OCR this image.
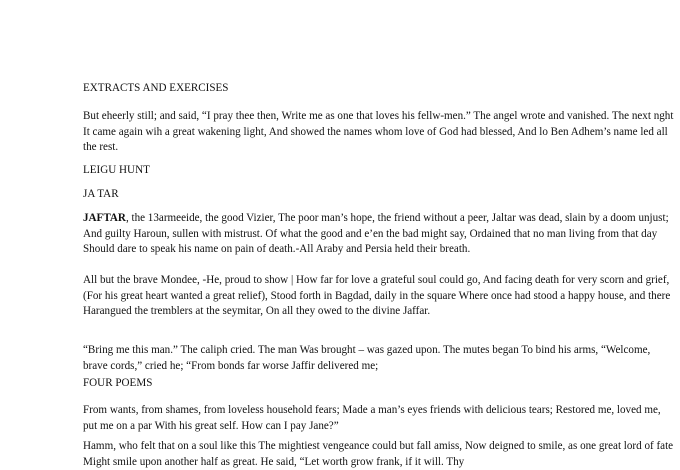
EXTRACTS AND EXERCISES

But eheerly still; and said, “I pray thee then, Write me as one that loves his fellw-men.” The angel wrote and vanished. The next nght It came again wih a great wakening light, And showed the names whom love of God had blessed, And lo Ben Adhem’s name led all the rest.

LEIGU HUNT

JA TAR

JAFTAR, the 13armeeide, the good Vizier, The poor man’s hope, the friend without a peer, Jaltar was dead, slain by a doom unjust; And guilty Haroun, sullen with mistrust. Of what the good and e’en the bad might say, Ordained that no man living from that day Should dare to speak his name on pain of death.-All Araby and Persia held their breath.

All but the brave Mondee, -He, proud to show | How far for love a grateful soul could go, And facing death for very scorn and grief, (For his great heart wanted a great relief), Stood forth in Bagdad, daily in the square Where once had stood a happy house, and there Harangued the tremblers at the seymitar, On all they owed to the divine Jaffar.

“Bring me this man.” The caliph cried. The man Was brought – was gazed upon. The mutes began To bind his arms, “Welcome, brave cords,” cried he; “From bonds far worse Jaffir delivered me;

FOUR POEMS

From wants, from shames, from loveless household fears; Made a man’s eyes friends with delicious tears; Restored me, loved me, put me on a par With his great self. How can I pay Jane?”

Hamm, who felt that on a soul like this The mightiest vengeance could but fall amiss, Now deigned to smile, as one great lord of fate Might smile upon another half as great. He said, “Let worth grow frank, if it will. Thy
